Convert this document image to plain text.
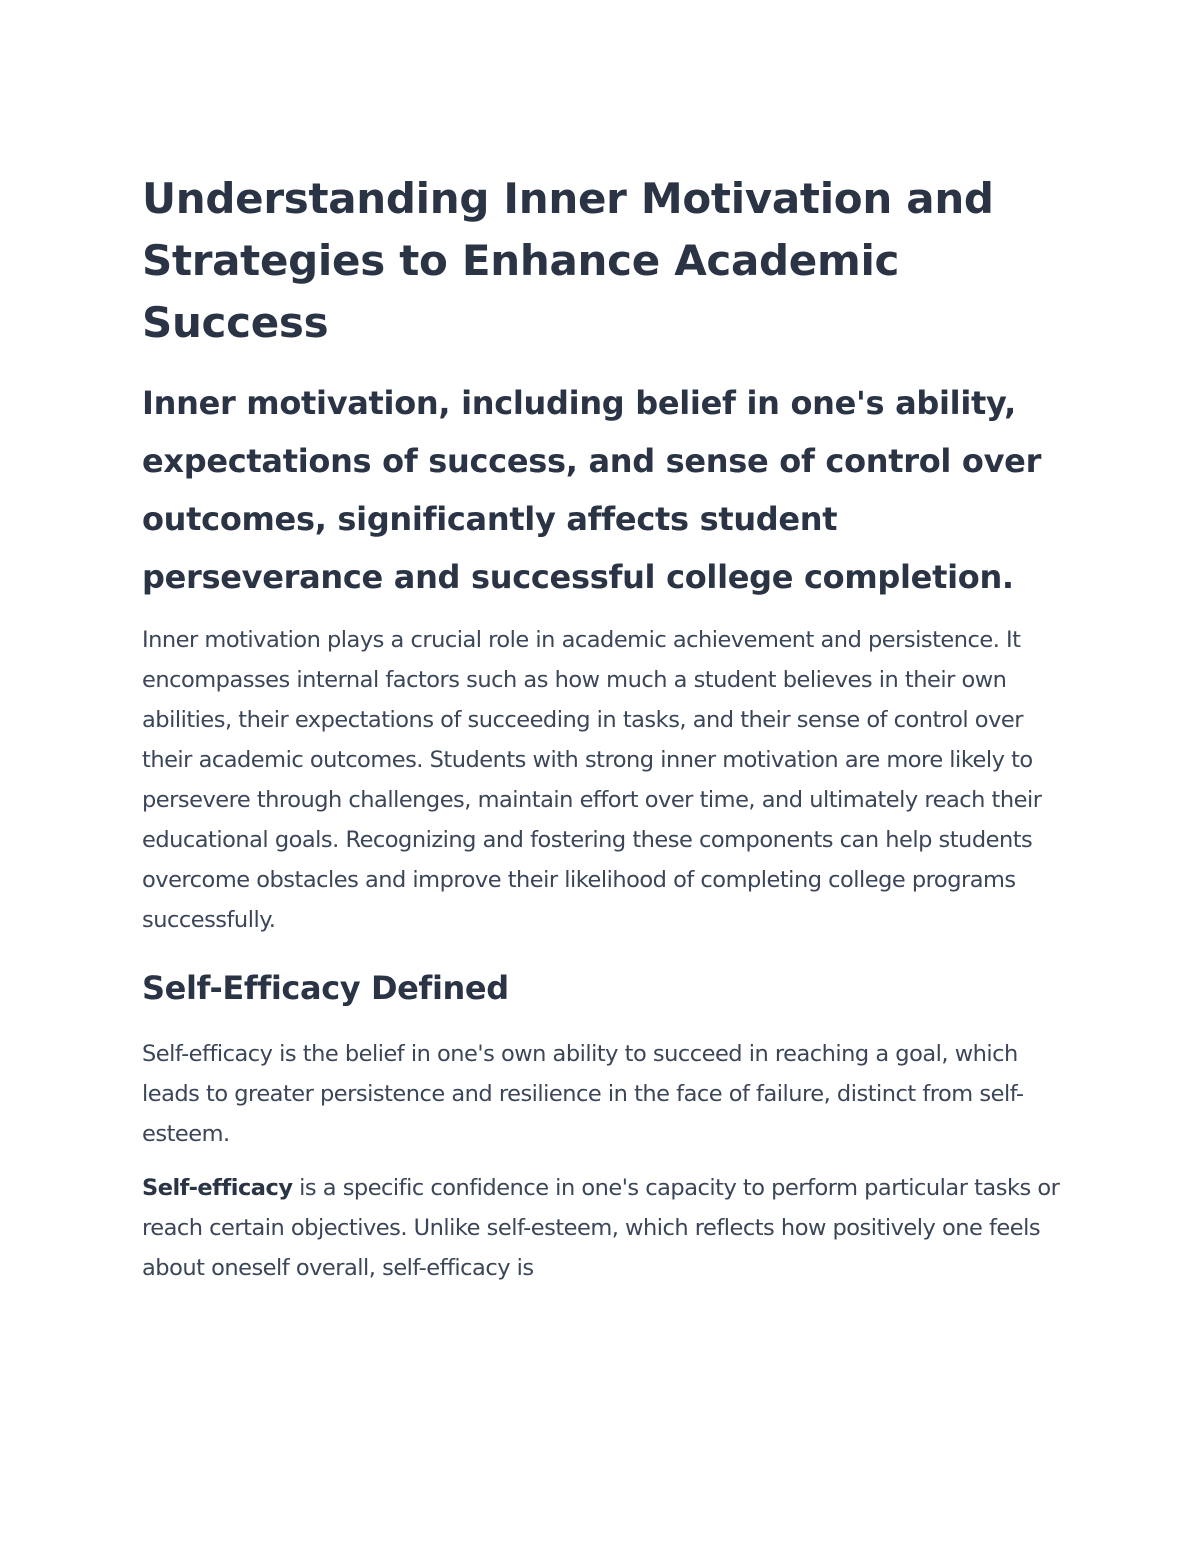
Understanding Inner Motivation and Strategies to Enhance Academic Success
Inner motivation, including belief in one's ability, expectations of success, and sense of control over outcomes, significantly affects student perseverance and successful college completion.

Inner motivation plays a crucial role in academic achievement and persistence. It encompasses internal factors such as how much a student believes in their own abilities, their expectations of succeeding in tasks, and their sense of control over their academic outcomes. Students with strong inner motivation are more likely to persevere through challenges, maintain effort over time, and ultimately reach their educational goals. Recognizing and fostering these components can help students overcome obstacles and improve their likelihood of completing college programs successfully.

Self-Efficacy Defined

Self-efficacy is the belief in one's own ability to succeed in reaching a goal, which leads to greater persistence and resilience in the face of failure, distinct from self-esteem.

Self-efficacy is a specific confidence in one's capacity to perform particular tasks or reach certain objectives. Unlike self-esteem, which reflects how positively one feels about oneself overall, self-efficacy is
